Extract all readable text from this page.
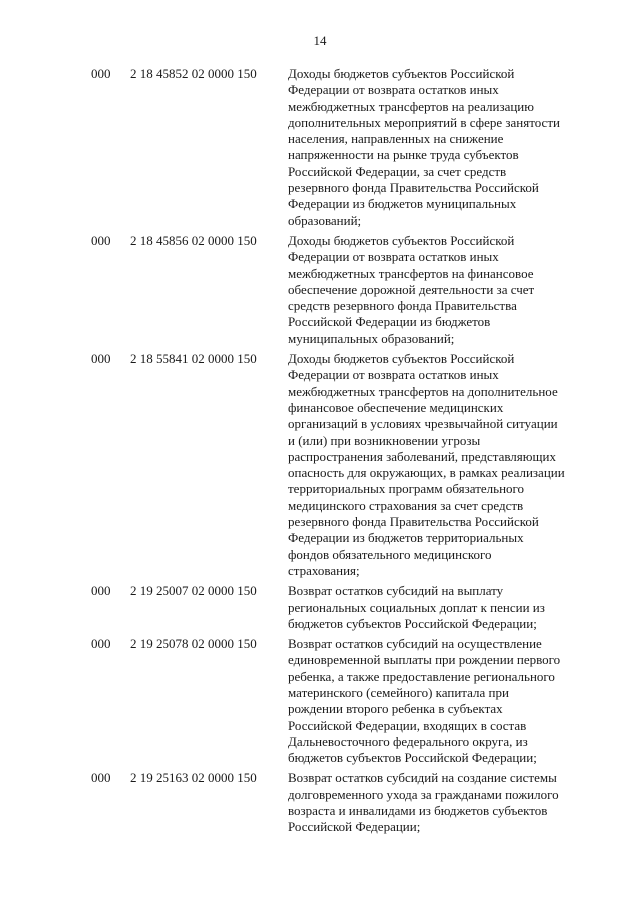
14
000 2 18 45852 02 0000 150 Доходы бюджетов субъектов Российской
Федерации от возврата остатков иных
межбюджетных трансфертов на реализацию
дополнительных мероприятий в сфере занятости
населения, направленных на снижение
напряженности на рынке труда субъектов
Российской Федерации, за счет средств
резервного фонда Правительства Российской
Федерации из бюджетов муниципальных
образований;
000 2 18 45856 02 0000 150 Доходы бюджетов субъектов Российской
Федерации от возврата остатков иных
межбюджетных трансфертов на финансовое
обеспечение дорожной деятельности за счет
средств резервного фонда Правительства
Российской Федерации из бюджетов
муниципальных образований;
000 2 18 55841 02 0000 150 Доходы бюджетов субъектов Российской
Федерации от возврата остатков иных
межбюджетных трансфертов на дополнительное
финансовое обеспечение медицинских
организаций в условиях чрезвычайной ситуации
и (или) при возникновении угрозы
распространения заболеваний, представляющих
опасность для окружающих, в рамках реализации
территориальных программ обязательного
медицинского страхования за счет средств
резервного фонда Правительства Российской
Федерации из бюджетов территориальных
фондов обязательного медицинского
страхования;
000 2 19 25007 02 0000 150 Возврат остатков субсидий на выплату
региональных социальных доплат к пенсии из
бюджетов субъектов Российской Федерации;
000 2 19 25078 02 0000 150 Возврат остатков субсидий на осуществление
единовременной выплаты при рождении первого
ребенка, а также предоставление регионального
материнского (семейного) капитала при
рождении второго ребенка в субъектах
Российской Федерации, входящих в состав
Дальневосточного федерального округа, из
бюджетов субъектов Российской Федерации;
000 2 19 25163 02 0000 150 Возврат остатков субсидий на создание системы
долговременного ухода за гражданами пожилого
возраста и инвалидами из бюджетов субъектов
Российской Федерации;
